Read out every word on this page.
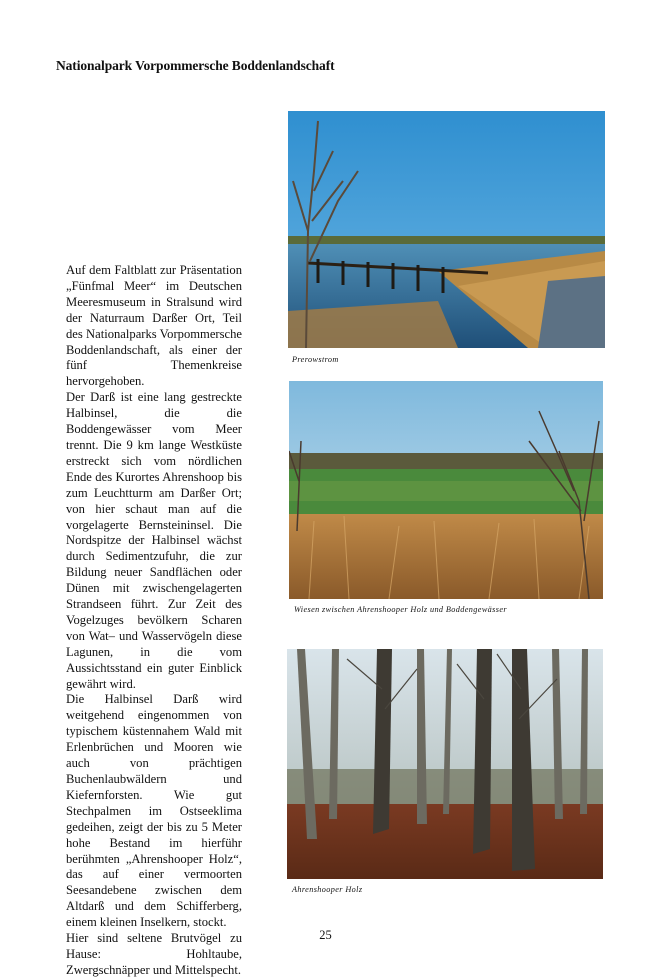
Nationalpark Vorpommersche Boddenlandschaft

Auf dem Faltblatt zur Präsentation „Fünfmal Meer“ im Deutschen Meeresmuseum in Stralsund wird der Naturraum Darßer Ort, Teil des Nationalparks Vorpommersche Boddenlandschaft, als einer der fünf Themenkreise hervorgehoben.

Der Darß ist eine lang gestreckte Halbinsel, die die Boddengewässer vom Meer trennt. Die 9 km lange Westküste erstreckt sich vom nördlichen Ende des Kurortes Ahrenshoop bis zum Leuchtturm am Darßer Ort; von hier schaut man auf die vorgelagerte Bernsteininsel. Die Nordspitze der Halbinsel wächst durch Sedimentzufuhr, die zur Bildung neuer Sandflächen oder Dünen mit zwischengelagerten Strandseen führt. Zur Zeit des Vogelzuges bevölkern Scharen von Wat– und Wasservögeln diese Lagunen, in die vom Aussichtsstand ein guter Einblick gewährt wird.

Die Halbinsel Darß wird weitgehend eingenommen von typischem küstennahem Wald mit Erlenbrüchen und Mooren wie auch von prächtigen Buchenlaubwäldern und Kiefernforsten. Wie gut Stechpalmen im Ostseeklima gedeihen, zeigt der bis zu 5 Meter hohe Bestand im hierführ berühmten „Ahrenshooper Holz“, das auf einer vermoorten Seesandebene zwischen dem Altdarß und dem Schifferberg, einem kleinen Inselkern, stockt.

Hier sind seltene Brutvögel zu Hause: Hohltaube, Zwergschnäpper und Mittelspecht.

Prerowstrom
Wiesen zwischen Ahrenshooper Holz und Boddengewässer
Ahrenshooper Holz
25
